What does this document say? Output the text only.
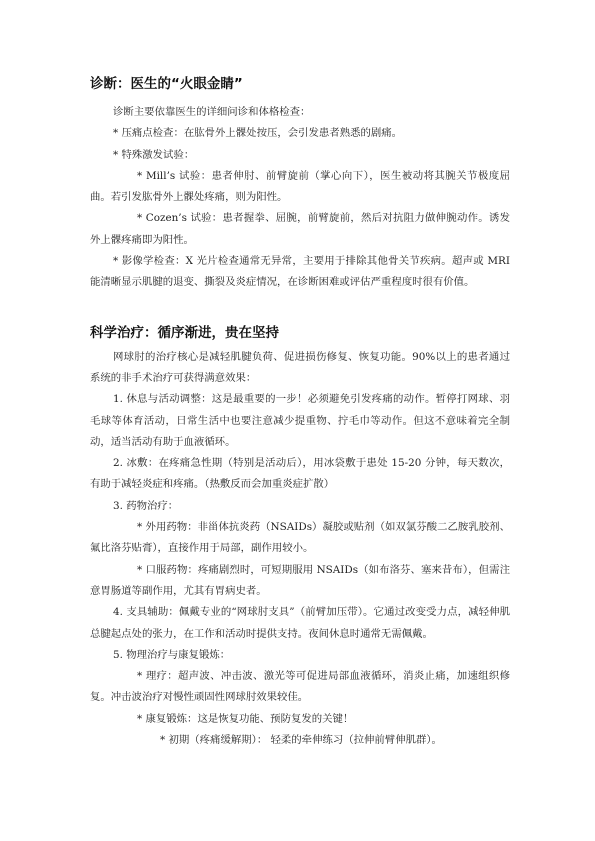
诊断：医生的“火眼金睛”

诊断主要依靠医生的详细问诊和体格检查：

* 压痛点检查：在肱骨外上髁处按压，会引发患者熟悉的剧痛。

* 特殊激发试验：

* Mill’s 试验：患者伸肘、前臂旋前（掌心向下），医生被动将其腕关节极度屈曲。若引发肱骨外上髁处疼痛，则为阳性。

* Cozen’s 试验：患者握拳、屈腕，前臂旋前，然后对抗阻力做伸腕动作。诱发外上髁疼痛即为阳性。

* 影像学检查：X 光片检查通常无异常，主要用于排除其他骨关节疾病。超声或 MRI 能清晰显示肌腱的退变、撕裂及炎症情况，在诊断困难或评估严重程度时很有价值。

科学治疗：循序渐进，贵在坚持

网球肘的治疗核心是减轻肌腱负荷、促进损伤修复、恢复功能。90%以上的患者通过系统的非手术治疗可获得满意效果：

1. 休息与活动调整：这是最重要的一步！必须避免引发疼痛的动作。暂停打网球、羽毛球等体育活动，日常生活中也要注意减少提重物、拧毛巾等动作。但这不意味着完全制动，适当活动有助于血液循环。

2. 冰敷：在疼痛急性期（特别是活动后），用冰袋敷于患处 15-20 分钟，每天数次，有助于减轻炎症和疼痛。（热敷反而会加重炎症扩散）

3. 药物治疗：

* 外用药物：非甾体抗炎药（NSAIDs）凝胶或贴剂（如双氯芬酸二乙胺乳胶剂、氟比洛芬贴膏），直接作用于局部，副作用较小。

* 口服药物：疼痛剧烈时，可短期服用 NSAIDs（如布洛芬、塞来昔布），但需注意胃肠道等副作用，尤其有胃病史者。

4. 支具辅助：佩戴专业的“网球肘支具”（前臂加压带）。它通过改变受力点，减轻伸肌总腱起点处的张力，在工作和活动时提供支持。夜间休息时通常无需佩戴。

5. 物理治疗与康复锻炼：

* 理疗：超声波、冲击波、激光等可促进局部血液循环，消炎止痛，加速组织修复。冲击波治疗对慢性顽固性网球肘效果较佳。

* 康复锻炼：这是恢复功能、预防复发的关键！

* 初期（疼痛缓解期）： 轻柔的牵伸练习（拉伸前臂伸肌群）。
